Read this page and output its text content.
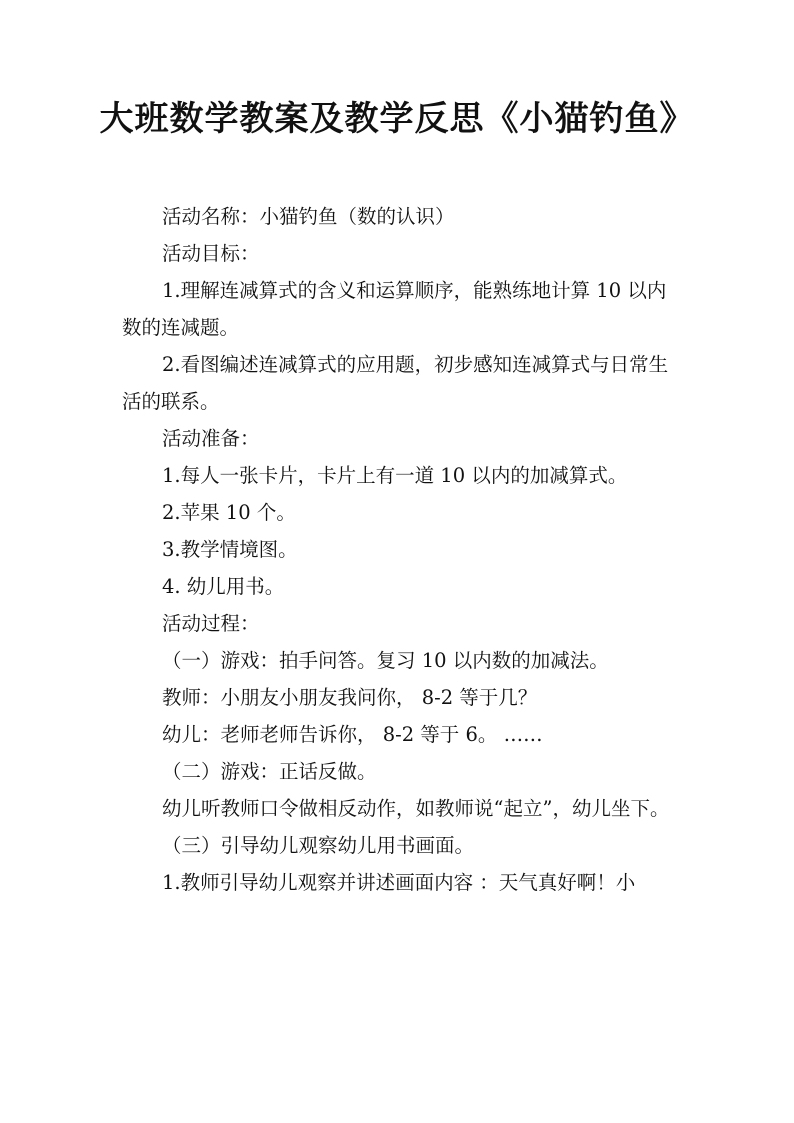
大班数学教案及教学反思《小猫钓鱼》

活动名称：小猫钓鱼（数的认识）

活动目标：

1.理解连减算式的含义和运算顺序，能熟练地计算 10 以内数的连减题。

2.看图编述连减算式的应用题，初步感知连减算式与日常生活的联系。

活动准备：

1.每人一张卡片，卡片上有一道 10 以内的加减算式。

2.苹果 10 个。

3.教学情境图。

4. 幼儿用书。

活动过程：

（一）游戏：拍手问答。复习 10 以内数的加减法。

教师：小朋友小朋友我问你， 8-2 等于几？

幼儿：老师老师告诉你， 8-2 等于 6。 ……

（二）游戏：正话反做。

幼儿听教师口令做相反动作，如教师说“起立”，幼儿坐下。

（三）引导幼儿观察幼儿用书画面。

1.教师引导幼儿观察并讲述画面内容 ：天气真好啊！小
